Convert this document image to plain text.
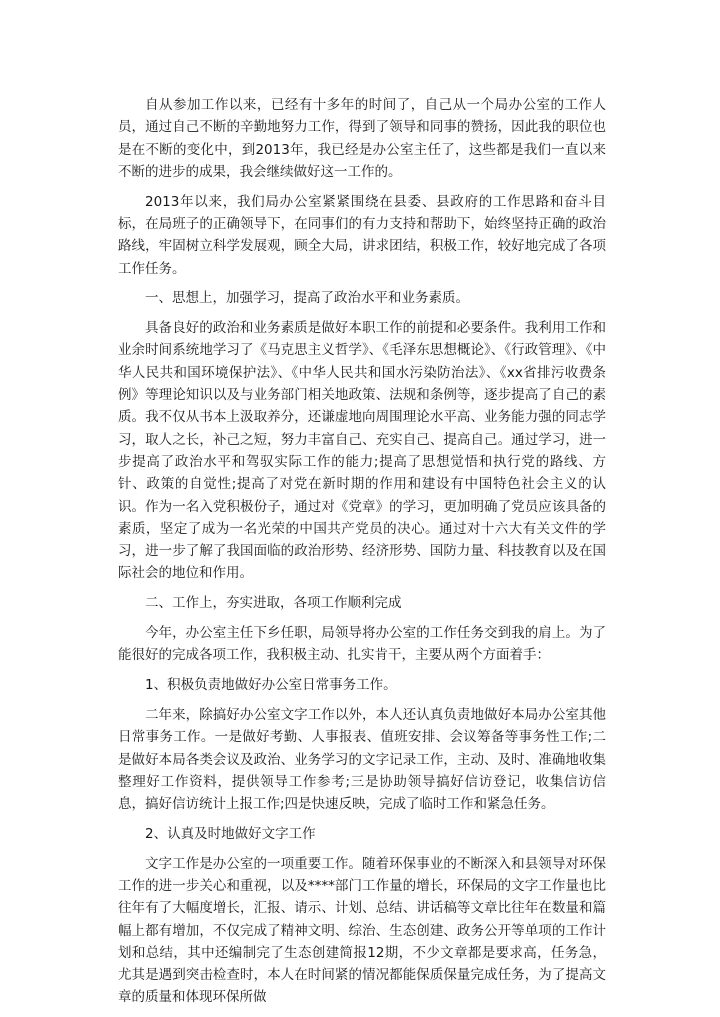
自从参加工作以来，已经有十多年的时间了，自己从一个局办公室的工作人员，通过自己不断的辛勤地努力工作，得到了领导和同事的赞扬，因此我的职位也是在不断的变化中，到2013年，我已经是办公室主任了，这些都是我们一直以来不断的进步的成果，我会继续做好这一工作的。

2013年以来，我们局办公室紧紧围绕在县委、县政府的工作思路和奋斗目标，在局班子的正确领导下，在同事们的有力支持和帮助下，始终坚持正确的政治路线，牢固树立科学发展观，顾全大局，讲求团结，积极工作，较好地完成了各项工作任务。

一、思想上，加强学习，提高了政治水平和业务素质。

具备良好的政治和业务素质是做好本职工作的前提和必要条件。我利用工作和业余时间系统地学习了《马克思主义哲学》、《毛泽东思想概论》、《行政管理》、《中华人民共和国环境保护法》、《中华人民共和国水污染防治法》、《xx省排污收费条例》等理论知识以及与业务部门相关地政策、法规和条例等，逐步提高了自己的素质。我不仅从书本上汲取养分，还谦虚地向周围理论水平高、业务能力强的同志学习，取人之长，补己之短，努力丰富自己、充实自己、提高自己。通过学习，进一步提高了政治水平和驾驭实际工作的能力;提高了思想觉悟和执行党的路线、方针、政策的自觉性;提高了对党在新时期的作用和建设有中国特色社会主义的认识。作为一名入党积极份子，通过对《党章》的学习，更加明确了党员应该具备的素质，坚定了成为一名光荣的中国共产党员的决心。通过对十六大有关文件的学习，进一步了解了我国面临的政治形势、经济形势、国防力量、科技教育以及在国际社会的地位和作用。

二、工作上，夯实进取，各项工作顺利完成

今年，办公室主任下乡任职，局领导将办公室的工作任务交到我的肩上。为了能很好的完成各项工作，我积极主动、扎实肯干，主要从两个方面着手：

1、积极负责地做好办公室日常事务工作。

二年来，除搞好办公室文字工作以外，本人还认真负责地做好本局办公室其他日常事务工作。一是做好考勤、人事报表、值班安排、会议筹备等事务性工作;二是做好本局各类会议及政治、业务学习的文字记录工作，主动、及时、准确地收集整理好工作资料，提供领导工作参考;三是协助领导搞好信访登记，收集信访信息，搞好信访统计上报工作;四是快速反映，完成了临时工作和紧急任务。

2、认真及时地做好文字工作

文字工作是办公室的一项重要工作。随着环保事业的不断深入和县领导对环保工作的进一步关心和重视，以及****部门工作量的增长，环保局的文字工作量也比往年有了大幅度增长，汇报、请示、计划、总结、讲话稿等文章比往年在数量和篇幅上都有增加，不仅完成了精神文明、综治、生态创建、政务公开等单项的工作计划和总结，其中还编制完了生态创建简报12期，不少文章都是要求高，任务急，尤其是遇到突击检查时，本人在时间紧的情况都能保质保量完成任务，为了提高文章的质量和体现环保所做
